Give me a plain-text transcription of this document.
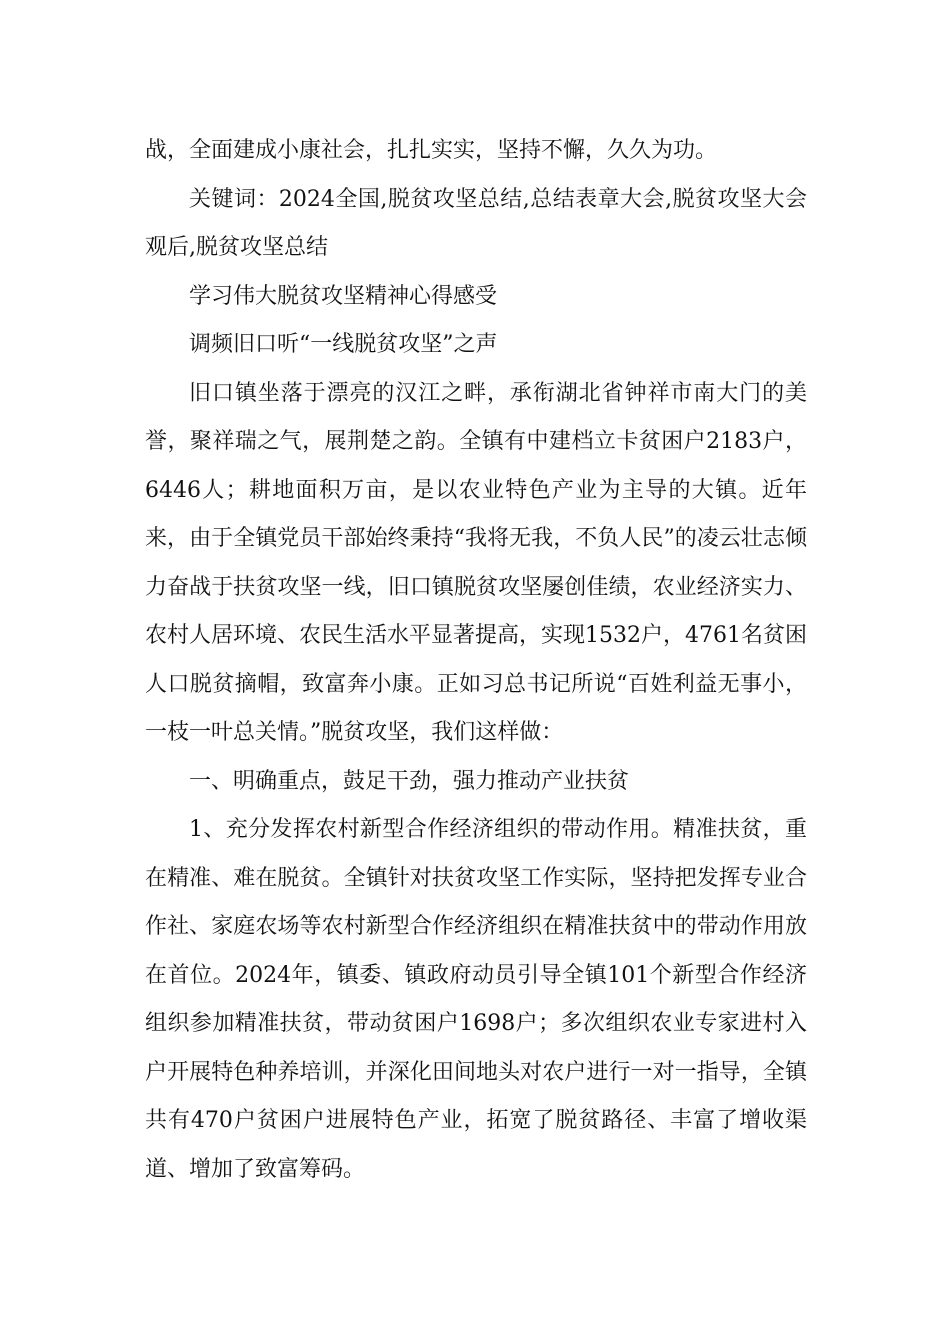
战，全面建成小康社会，扎扎实实，坚持不懈，久久为功。

关键词：2024全国,脱贫攻坚总结,总结表章大会,脱贫攻坚大会观后,脱贫攻坚总结

学习伟大脱贫攻坚精神心得感受

调频旧口听“一线脱贫攻坚”之声

旧口镇坐落于漂亮的汉江之畔，承衔湖北省钟祥市南大门的美誉，聚祥瑞之气，展荆楚之韵。全镇有中建档立卡贫困户2183户，6446人；耕地面积万亩，是以农业特色产业为主导的大镇。近年来，由于全镇党员干部始终秉持“我将无我，不负人民”的凌云壮志倾力奋战于扶贫攻坚一线，旧口镇脱贫攻坚屡创佳绩，农业经济实力、农村人居环境、农民生活水平显著提高，实现1532户，4761名贫困人口脱贫摘帽，致富奔小康。正如习总书记所说“百姓利益无事小，一枝一叶总关情。”脱贫攻坚，我们这样做：

一、明确重点，鼓足干劲，强力推动产业扶贫

1、充分发挥农村新型合作经济组织的带动作用。精准扶贫，重在精准、难在脱贫。全镇针对扶贫攻坚工作实际，坚持把发挥专业合作社、家庭农场等农村新型合作经济组织在精准扶贫中的带动作用放在首位。2024年，镇委、镇政府动员引导全镇101个新型合作经济组织参加精准扶贫，带动贫困户1698户；多次组织农业专家进村入户开展特色种养培训，并深化田间地头对农户进行一对一指导，全镇共有470户贫困户进展特色产业，拓宽了脱贫路径、丰富了增收渠道、增加了致富筹码。
